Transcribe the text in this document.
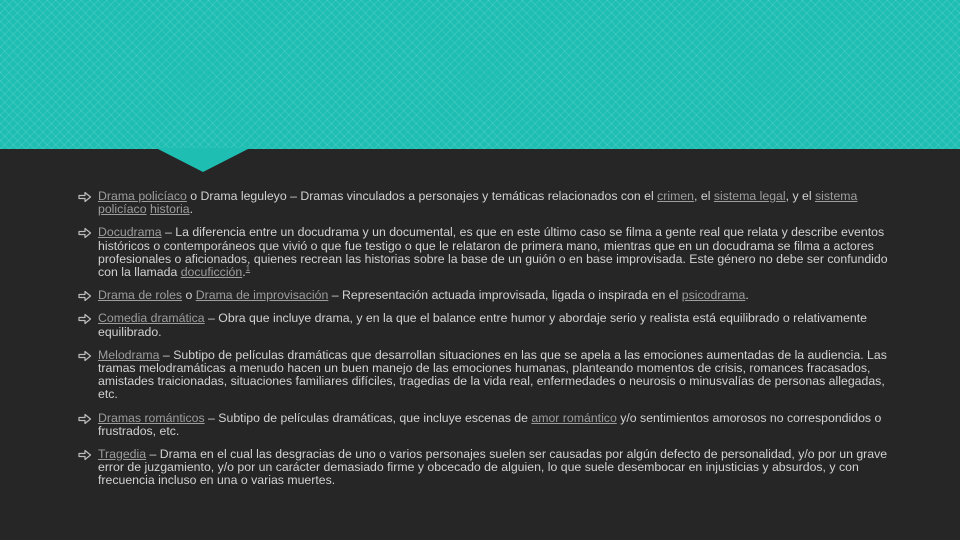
Drama policíaco o Drama leguleyo – Dramas vinculados a personajes y temáticas relacionados con el crimen, el sistema legal, y el sistema policíaco historia.
Docudrama – La diferencia entre un docudrama y un documental, es que en este último caso se filma a gente real que relata y describe eventos históricos o contemporáneos que vivió o que fue testigo o que le relataron de primera mano, mientras que en un docudrama se filma a actores profesionales o aficionados, quienes recrean las historias sobre la base de un guión o en base improvisada. Este género no debe ser confundido con la llamada docuficción.$^1$
Drama de roles o Drama de improvisación – Representación actuada improvisada, ligada o inspirada en el psicodrama.
Comedia dramática – Obra que incluye drama, y en la que el balance entre humor y abordaje serio y realista está equilibrado o relativamente equilibrado.
Melodrama – Subtipo de películas dramáticas que desarrollan situaciones en las que se apela a las emociones aumentadas de la audiencia. Las tramas melodramáticas a menudo hacen un buen manejo de las emociones humanas, planteando momentos de crisis, romances fracasados, amistades traicionadas, situaciones familiares difíciles, tragedias de la vida real, enfermedades o neurosis o minusvalías de personas allegadas, etc.
Dramas románticos – Subtipo de películas dramáticas, que incluye escenas de amor romántico y/o sentimientos amorosos no correspondidos o frustrados, etc.
Tragedia – Drama en el cual las desgracias de uno o varios personajes suelen ser causadas por algún defecto de personalidad, y/o por un grave error de juzgamiento, y/o por un carácter demasiado firme y obcecado de alguien, lo que suele desembocar en injusticias y absurdos, y con frecuencia incluso en una o varias muertes.
